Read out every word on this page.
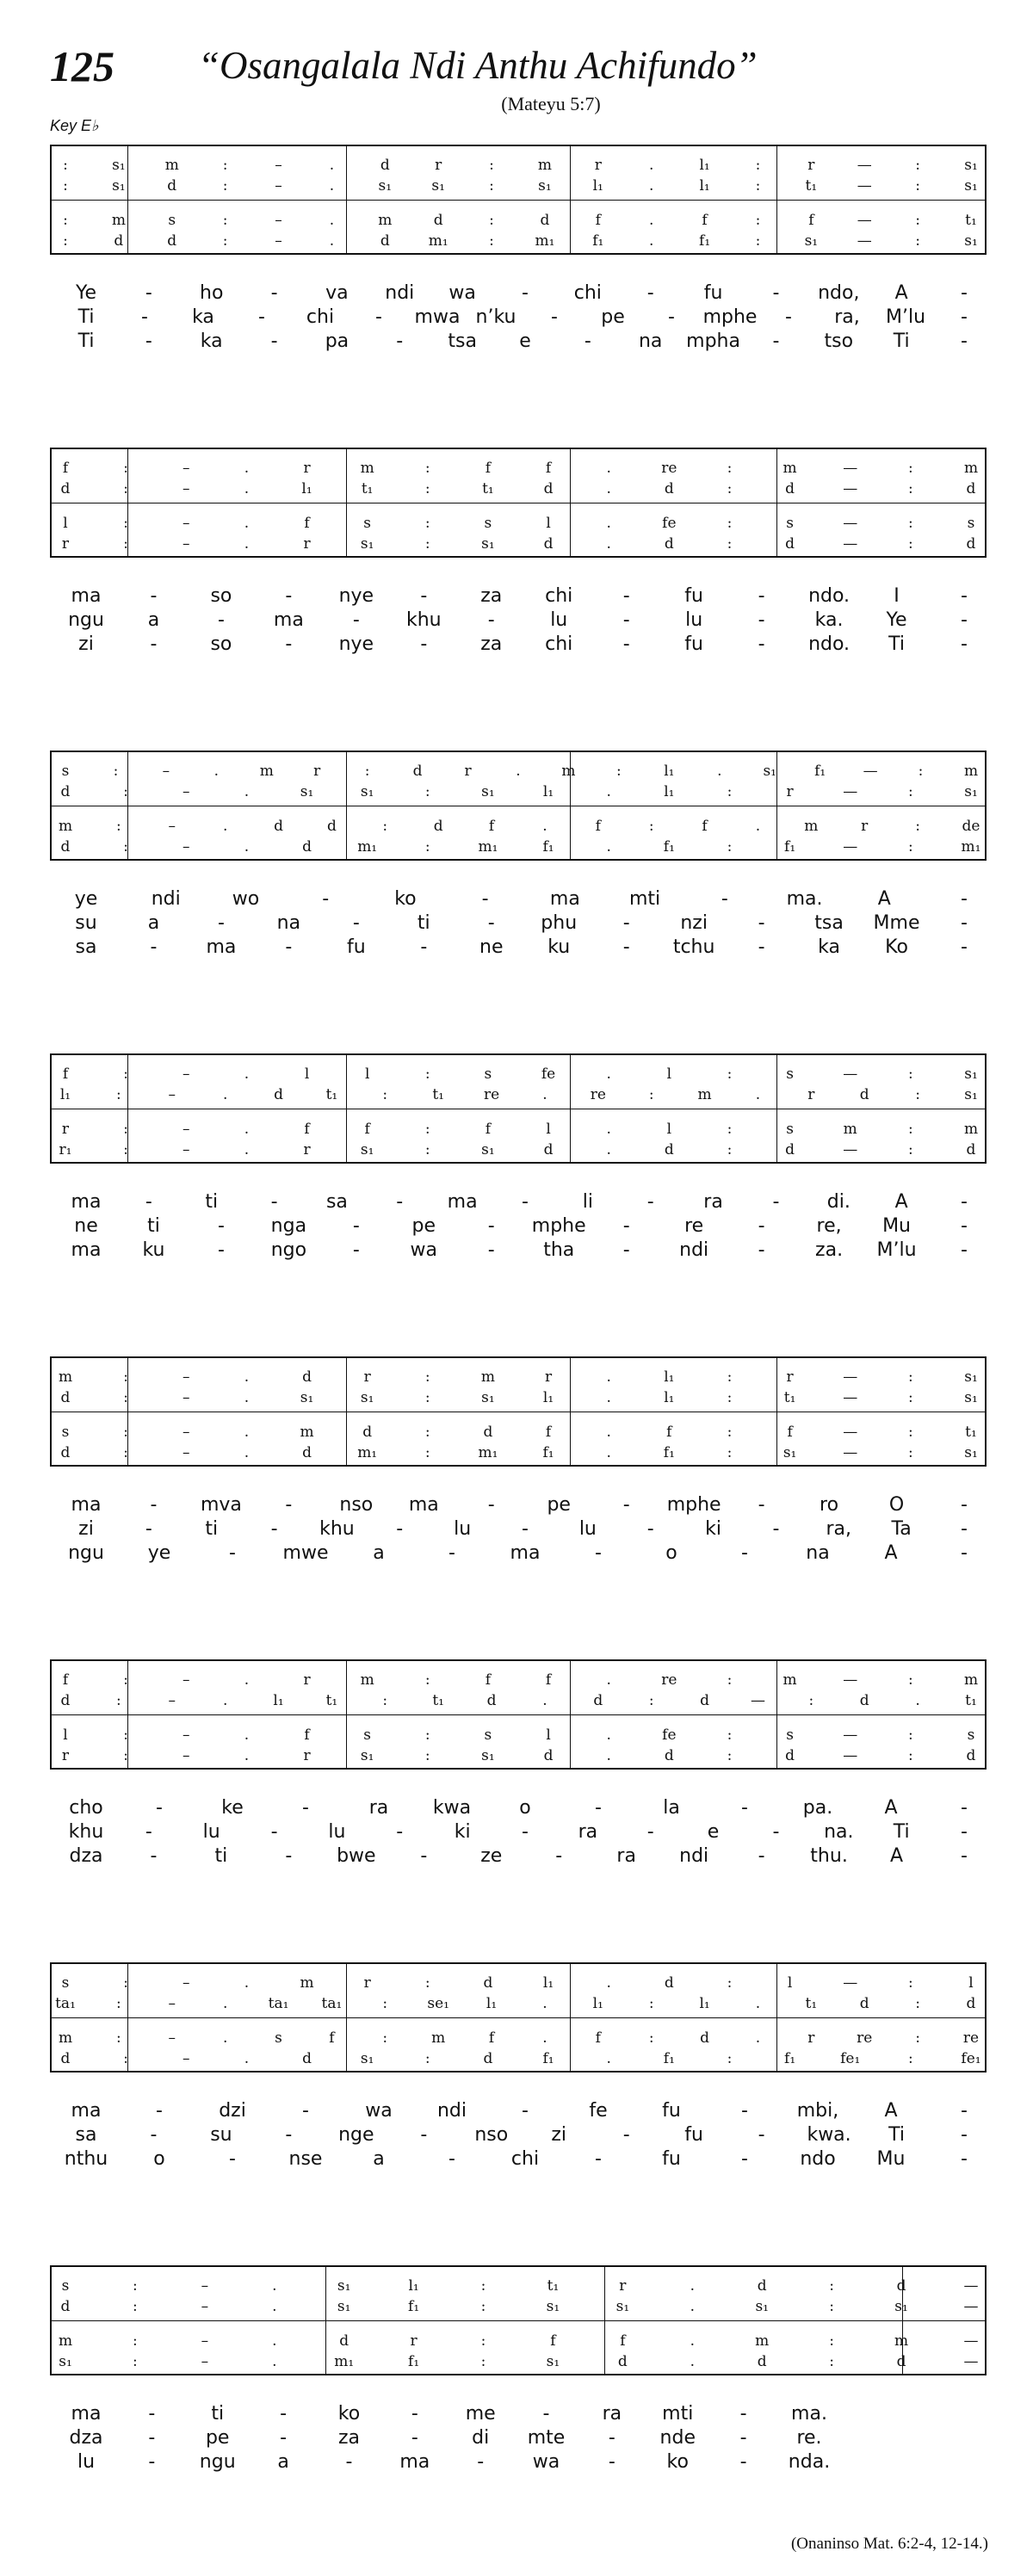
125 “Osangalala Ndi Anthu Achifundo”
(Mateyu 5:7)
Key E♭
:	s₁	m	:	–	.	d	r	:	m	r	.	l₁	:	r	—	:	s₁
:	s₁	d	:	–	.	s₁	s₁	:	s₁	l₁	.	l₁	:	t₁	—	:	s₁
:	m	s	:	–	.	m	d	:	d	f	.	f	:	f	—	:	t₁
:	d	d	:	–	.	d	m₁	:	m₁	f₁	.	f₁	:	s₁	—	:	s₁
Ye	-	ho	-	va ndi wa - chi -	fu	- ndo, A	-
Ti - ka - chi - mwa n’ku - pe - mphe - ra, M’lu -
Ti	-	ka	-	pa	- tsa e	-	na mpha - tso Ti	-
f	:	–	.	r	m	:	f	f	.	re	:	m	—	:	m
d	:	–	.	l₁	t₁	:	t₁	d	.	d	:	d	—	:	d
l	:	–	.	f	s	:	s	l	.	fe	:	s	—	:	s
r	:	–	.	r	s₁	:	s₁	d	.	d	:	d	—	:	d
ma	-	so	- nye -	za chi	-	fu	- ndo. I	-
ngu a	-	ma	- khu -	lu	-	lu	-	ka. Ye	-
zi	-	so	- nye -	za chi	-	fu	- ndo. Ti	-
s	:	–	.	m	r	:	d	r	.	m	:	l₁	.	s₁	f₁	—	:	m
d	:	–	.	s₁	s₁	:	s₁	l₁	.	l₁	:	r	—	:	s₁
m	:	–	.	d	d	:	d	f	.	f	:	f	.	m	r	:	de
d	:	–	.	d	m₁	:	m₁	f₁	.	f₁	:	f₁	—	:	m₁
ye	ndi	wo	-	ko	-	ma	mti	-	ma.	A	-
su	a	-	na	-	ti	- phu -	nzi	-	tsa Mme -
sa	-	ma	-	fu	-	ne ku	- tchu -	ka Ko	-
f	:	–	.	l	l	:	s	fe	.	l	:	s	—	:	s₁
l₁	:	–	.	d	t₁	:	t₁	re	.	re	:	m	.	r	d	:	s₁
r	:	–	.	f	f	:	f	l	.	l	:	s	m	:	m
r₁	:	–	.	r	s₁	:	s₁	d	.	d	:	d	—	:	d
ma -	ti	-	sa	- ma -	li	-	ra	-	di. A	-
ne	ti	- nga -	pe	- mphe -	re	-	re, Mu	-
ma ku	- ngo -	wa	-	tha	-	ndi	-	za. M’lu -
m	:	–	.	d	r	:	m	r	.	l₁	:	r	—	:	s₁
d	:	–	.	s₁	s₁	:	s₁	l₁	.	l₁	:	t₁	—	:	s₁
s	:	–	.	m	d	:	d	f	.	f	:	f	—	:	t₁
d	:	–	.	d	m₁	:	m₁	f₁	.	f₁	:	s₁	—	:	s₁
ma	- mva -	nso ma	-	pe	- mphe -	ro	O	-
zi	-	ti	- khu -	lu	-	lu	-	ki	- ra, Ta	-
ngu ye	- mwe a	-	ma	-	o	-	na	A	-
f	:	–	.	r	m	:	f	f	.	re	:	m	—	:	m
d	:	–	.	l₁	t₁	:	t₁	d	.	d	:	d	—	:	d	.	t₁
l	:	–	.	f	s	:	s	l	.	fe	:	s	—	:	s
r	:	–	.	r	s₁	:	s₁	d	.	d	:	d	—	:	d
cho	-	ke	-	ra kwa	o	-	la	-	pa.	A	-
khu -	lu	-	lu	-	ki	-	ra	-	e	- na. Ti	-
dza -	ti	- bwe -	ze	-	ra ndi	- thu. A	-
s	:	–	.	m	r	:	d	l₁	.	d	:	l	—	:	l
ta₁	:	–	.	ta₁ ta₁	:	se₁	l₁	.	l₁	:	l₁	.	t₁	d	:	d
m	:	–	.	s	f	:	m	f	.	f	:	d	.	r	re	:	re
d	:	–	.	d	s₁	:	d	f₁	.	f₁	:	f₁	fe₁	:	fe₁
ma	-	dzi	-	wa ndi	-	fe	fu	-	mbi, A	-
sa	-	su	- nge -	nso zi	-	fu	- kwa. Ti	-
nthu o	-	nse	a	-	chi	-	fu	-	ndo Mu	-
s	:	–	.	s₁	l₁	:	t₁	r	.	d	:	d	—
d	:	–	.	s₁	f₁	:	s₁	s₁	.	s₁	:	s₁	—
m	:	–	.	d	r	:	f	f	.	m	:	m	—
s₁	:	–	.	m₁	f₁	:	s₁	d	.	d	:	d	—
ma -	ti	-	ko	- me -	ra mti - ma.
dza -	pe	-	za	-	di mte - nde -	re.
lu	- ngu a	- ma -	wa	-	ko	- nda.
(Onaninso Mat. 6:2-4, 12-14.)
